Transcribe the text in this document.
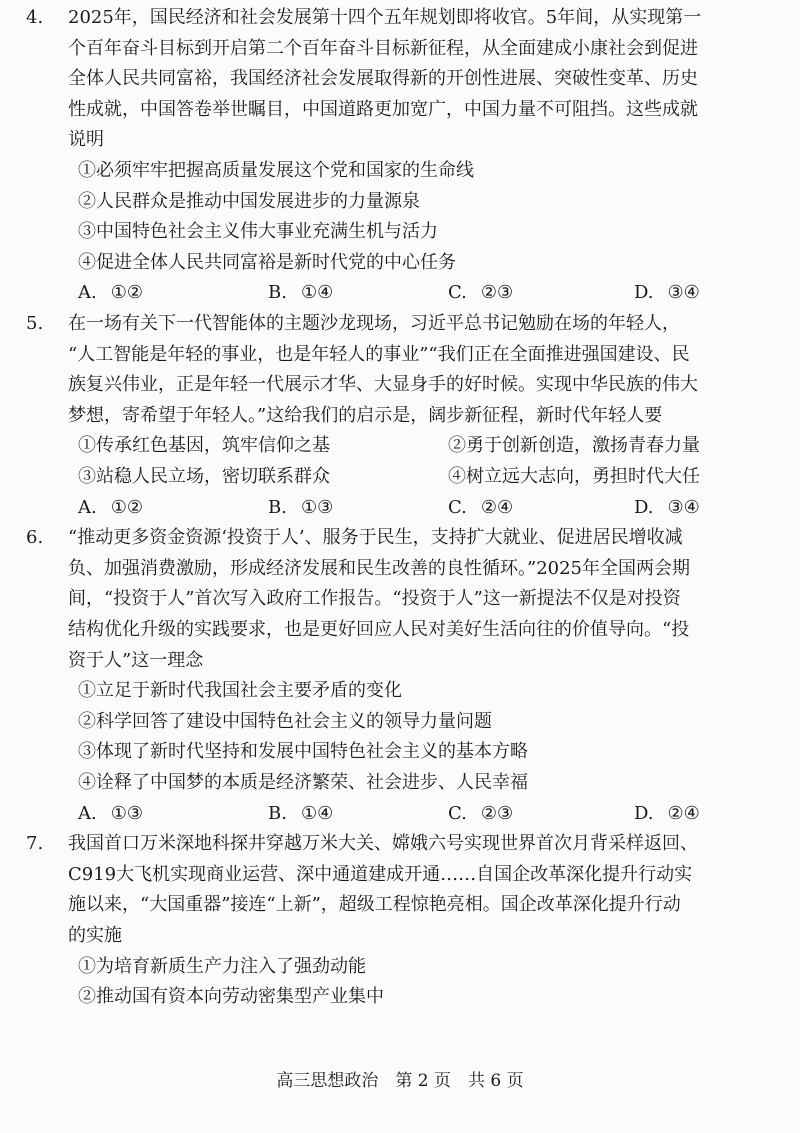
4. 2025年，国民经济和社会发展第十四个五年规划即将收官。5年间，从实现第一
个百年奋斗目标到开启第二个百年奋斗目标新征程，从全面建成小康社会到促进
全体人民共同富裕，我国经济社会发展取得新的开创性进展、突破性变革、历史
性成就，中国答卷举世瞩目，中国道路更加宽广，中国力量不可阻挡。这些成就
说明
①必须牢牢把握高质量发展这个党和国家的生命线
②人民群众是推动中国发展进步的力量源泉
③中国特色社会主义伟大事业充满生机与活力
④促进全体人民共同富裕是新时代党的中心任务
A. ①②	B. ①④	C. ②③	D. ③④
5. 在一场有关下一代智能体的主题沙龙现场，习近平总书记勉励在场的年轻人，
“人工智能是年轻的事业，也是年轻人的事业”“我们正在全面推进强国建设、民
族复兴伟业，正是年轻一代展示才华、大显身手的好时候。实现中华民族的伟大
梦想，寄希望于年轻人。”这给我们的启示是，阔步新征程，新时代年轻人要
①传承红色基因，筑牢信仰之基	②勇于创新创造，激扬青春力量
③站稳人民立场，密切联系群众	④树立远大志向，勇担时代大任
A. ①②	B. ①③	C. ②④	D. ③④
6. “推动更多资金资源‘投资于人’、服务于民生，支持扩大就业、促进居民增收减
负、加强消费激励，形成经济发展和民生改善的良性循环。”2025年全国两会期
间，“投资于人”首次写入政府工作报告。“投资于人”这一新提法不仅是对投资
结构优化升级的实践要求，也是更好回应人民对美好生活向往的价值导向。“投
资于人”这一理念
①立足于新时代我国社会主要矛盾的变化
②科学回答了建设中国特色社会主义的领导力量问题
③体现了新时代坚持和发展中国特色社会主义的基本方略
④诠释了中国梦的本质是经济繁荣、社会进步、人民幸福
A. ①③	B. ①④	C. ②③	D. ②④
7. 我国首口万米深地科探井穿越万米大关、嫦娥六号实现世界首次月背采样返回、
C919大飞机实现商业运营、深中通道建成开通……自国企改革深化提升行动实
施以来，“大国重器”接连“上新”，超级工程惊艳亮相。国企改革深化提升行动
的实施
①为培育新质生产力注入了强劲动能
②推动国有资本向劳动密集型产业集中
高三思想政治　第 2 页　共 6 页
